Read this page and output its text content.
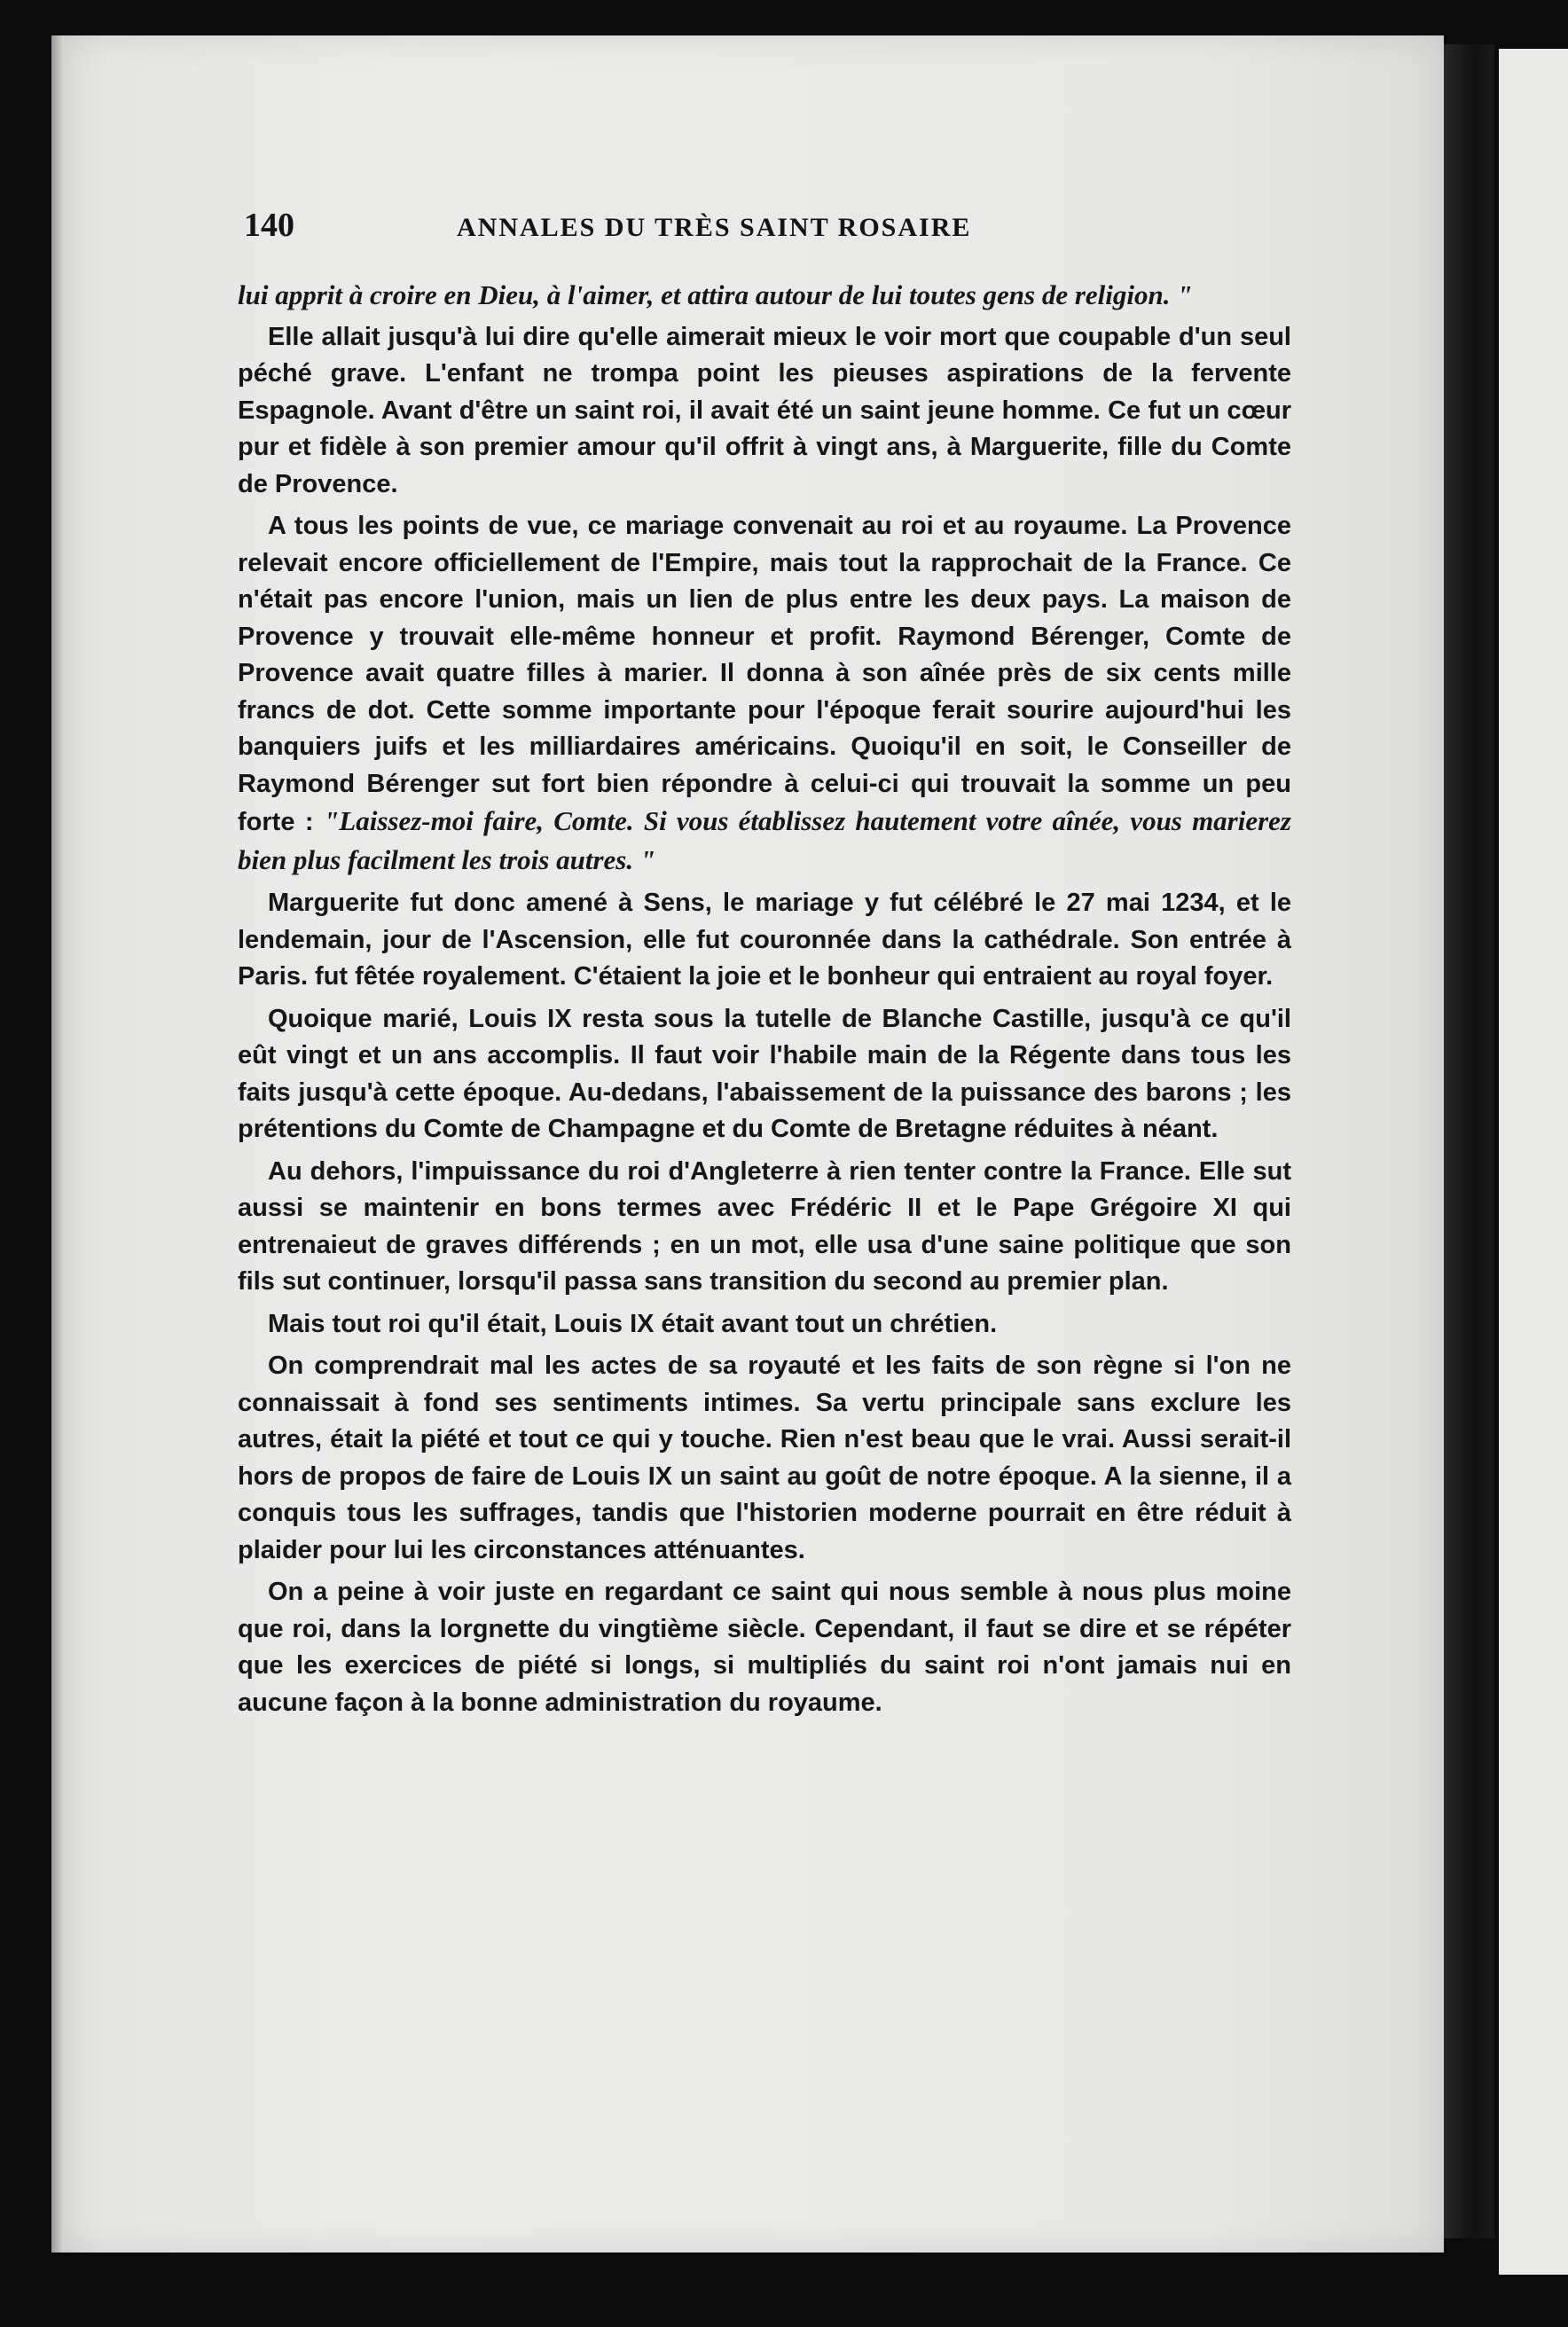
140	ANNALES DU TRÈS SAINT ROSAIRE

lui apprit à croire en Dieu, à l'aimer, et attira autour de lui toutes gens de religion. "

Elle allait jusqu'à lui dire qu'elle aimerait mieux le voir mort que coupable d'un seul péché grave. L'enfant ne trompa point les pieuses aspirations de la fervente Espagnole. Avant d'être un saint roi, il avait été un saint jeune homme. Ce fut un cœur pur et fidèle à son premier amour qu'il offrit à vingt ans, à Marguerite, fille du Comte de Provence.

A tous les points de vue, ce mariage convenait au roi et au royaume. La Provence relevait encore officiellement de l'Empire, mais tout la rapprochait de la France. Ce n'était pas encore l'union, mais un lien de plus entre les deux pays. La maison de Provence y trouvait elle-même honneur et profit. Raymond Bérenger, Comte de Provence avait quatre filles à marier. Il donna à son aînée près de six cents mille francs de dot. Cette somme importante pour l'époque ferait sourire aujourd'hui les banquiers juifs et les milliardaires américains. Quoiqu'il en soit, le Conseiller de Raymond Bérenger sut fort bien répondre à celui-ci qui trouvait la somme un peu forte : "Laissez-moi faire, Comte. Si vous établissez hautement votre aînée, vous marierez bien plus facilment les trois autres. "

Marguerite fut donc amené à Sens, le mariage y fut célébré le 27 mai 1234, et le lendemain, jour de l'Ascension, elle fut couronnée dans la cathédrale. Son entrée à Paris. fut fêtée royalement. C'étaient la joie et le bonheur qui entraient au royal foyer.

Quoique marié, Louis IX resta sous la tutelle de Blanche Castille, jusqu'à ce qu'il eût vingt et un ans accomplis. Il faut voir l'habile main de la Régente dans tous les faits jusqu'à cette époque. Au-dedans, l'abaissement de la puissance des barons ; les prétentions du Comte de Champagne et du Comte de Bretagne réduites à néant.

Au dehors, l'impuissance du roi d'Angleterre à rien tenter contre la France. Elle sut aussi se maintenir en bons termes avec Frédéric II et le Pape Grégoire XI qui entrenaieut de graves différends ; en un mot, elle usa d'une saine politique que son fils sut continuer, lorsqu'il passa sans transition du second au premier plan.

Mais tout roi qu'il était, Louis IX était avant tout un chrétien.

On comprendrait mal les actes de sa royauté et les faits de son règne si l'on ne connaissait à fond ses sentiments intimes. Sa vertu principale sans exclure les autres, était la piété et tout ce qui y touche. Rien n'est beau que le vrai. Aussi serait-il hors de propos de faire de Louis IX un saint au goût de notre époque. A la sienne, il a conquis tous les suffrages, tandis que l'historien moderne pourrait en être réduit à plaider pour lui les circonstances atténuantes.

On a peine à voir juste en regardant ce saint qui nous semble à nous plus moine que roi, dans la lorgnette du vingtième siècle. Cependant, il faut se dire et se répéter que les exercices de piété si longs, si multipliés du saint roi n'ont jamais nui en aucune façon à la bonne administration du royaume.
